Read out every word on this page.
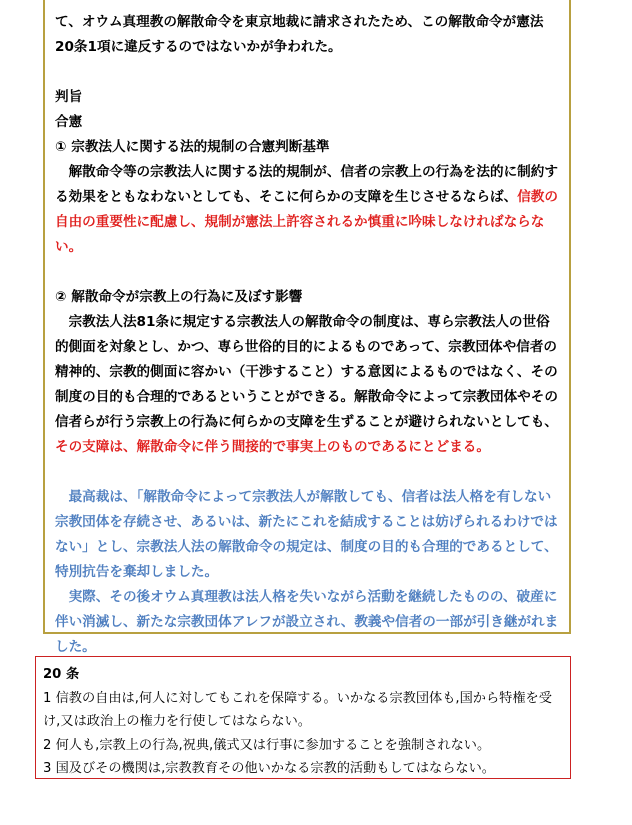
て、オウム真理教の解散命令を東京地裁に請求されたため、この解散命令が憲法20条1項に違反するのではないかが争われた。

判旨

合憲

① 宗教法人に関する法的規制の合憲判断基準

解散命令等の宗教法人に関する法的規制が、信者の宗教上の行為を法的に制約する効果をともなわないとしても、そこに何らかの支障を生じさせるならば、信教の自由の重要性に配慮し、規制が憲法上許容されるか慎重に吟味しなければならない。

② 解散命令が宗教上の行為に及ぼす影響

宗教法人法81条に規定する宗教法人の解散命令の制度は、専ら宗教法人の世俗的側面を対象とし、かつ、専ら世俗的目的によるものであって、宗教団体や信者の精神的、宗教的側面に容かい（干渉すること）する意図によるものではなく、その制度の目的も合理的であるということができる。解散命令によって宗教団体やその信者らが行う宗教上の行為に何らかの支障を生ずることが避けられないとしても、その支障は、解散命令に伴う間接的で事実上のものであるにとどまる。

最高裁は、「解散命令によって宗教法人が解散しても、信者は法人格を有しない宗教団体を存続させ、あるいは、新たにこれを結成することは妨げられるわけではない」とし、宗教法人法の解散命令の規定は、制度の目的も合理的であるとして、特別抗告を棄却しました。

実際、その後オウム真理教は法人格を失いながら活動を継続したものの、破産に伴い消滅し、新たな宗教団体アレフが設立され、教義や信者の一部が引き継がれました。

20 条

1 信教の自由は,何人に対してもこれを保障する。いかなる宗教団体も,国から特権を受け,又は政治上の権力を行使してはならない。

2 何人も,宗教上の行為,祝典,儀式又は行事に参加することを強制されない。

3 国及びその機関は,宗教教育その他いかなる宗教的活動もしてはならない。
